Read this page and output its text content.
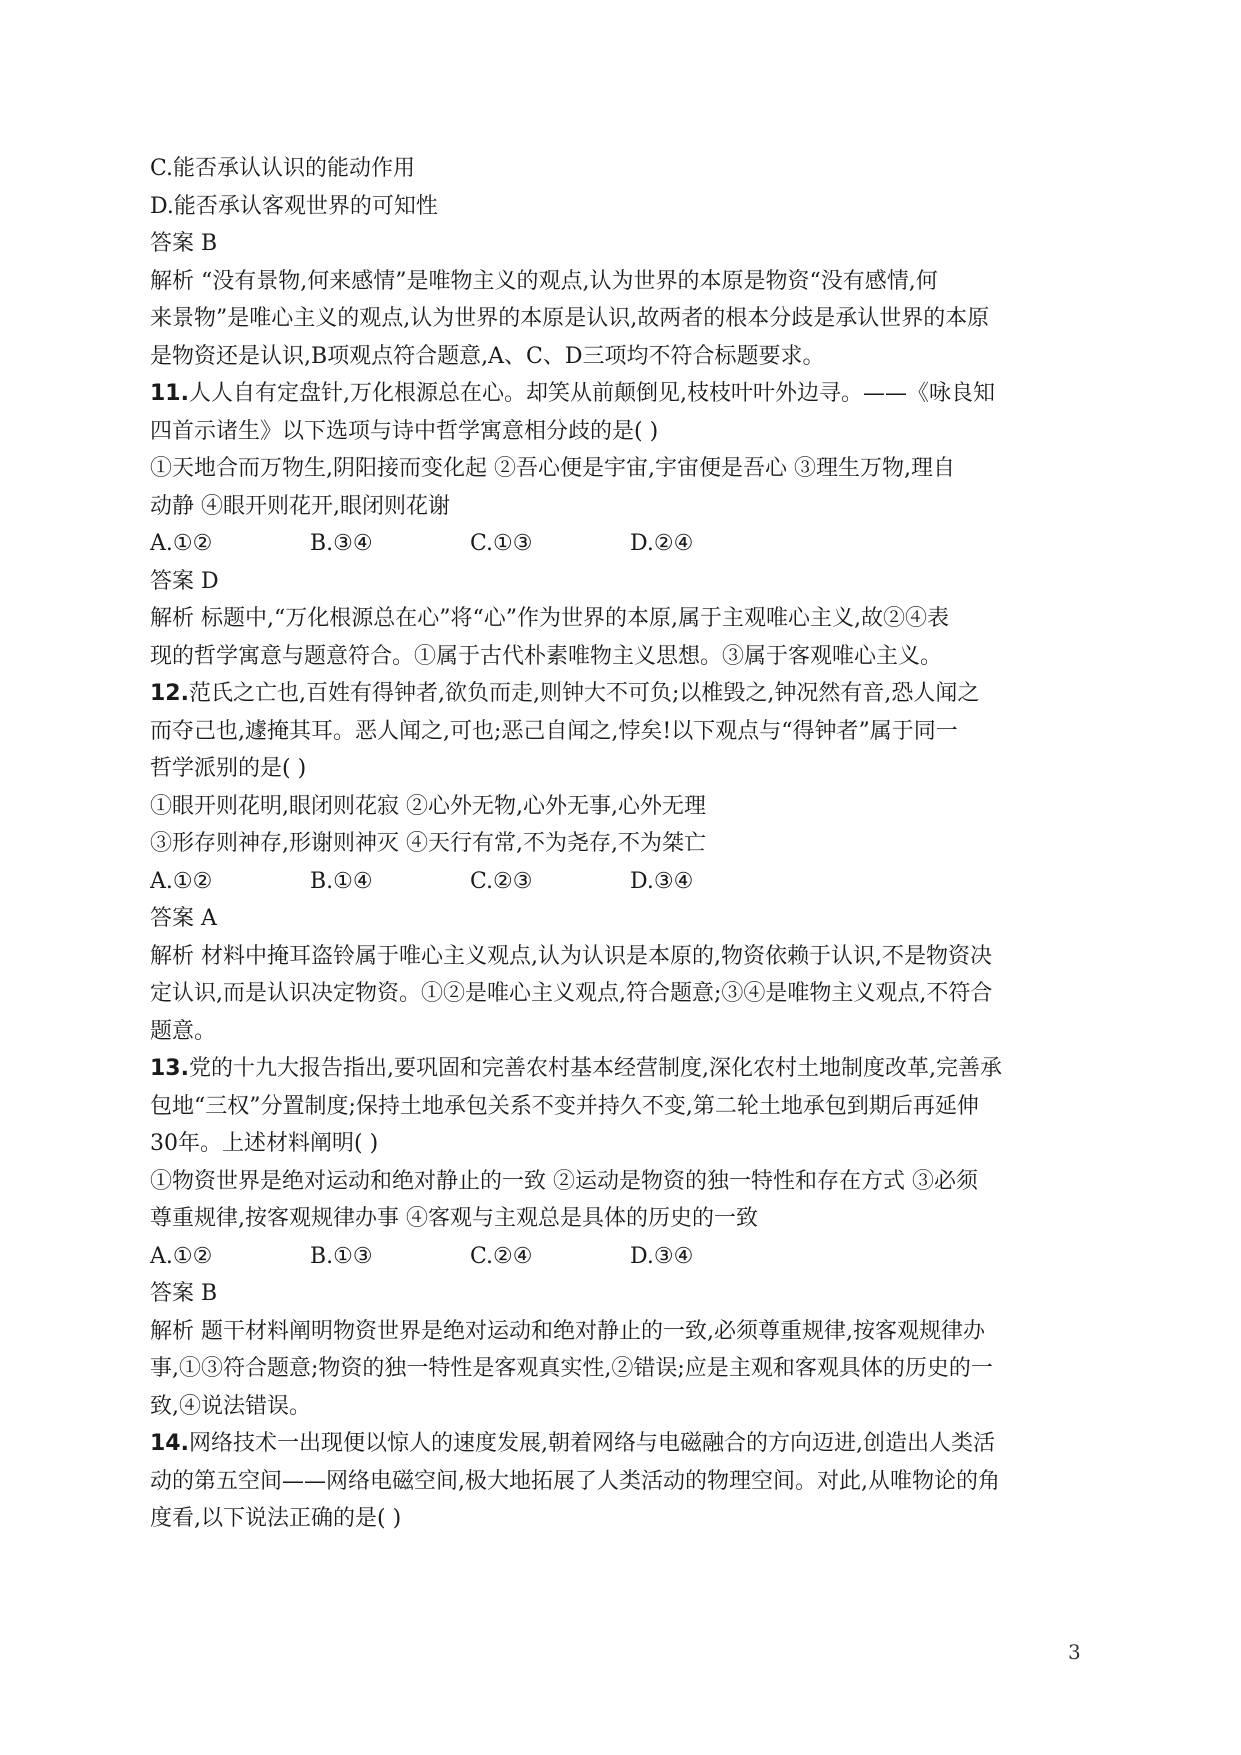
C.能否承认认识的能动作用
D.能否承认客观世界的可知性
答案 B
解析 “没有景物,何来感情”是唯物主义的观点,认为世界的本原是物资“没有感情,何
来景物”是唯心主义的观点,认为世界的本原是认识,故两者的根本分歧是承认世界的本原
是物资还是认识,B项观点符合题意,A、C、D三项均不符合标题要求。
11.人人自有定盘针,万化根源总在心。却笑从前颠倒见,枝枝叶叶外边寻。——《咏良知
四首示诸生》以下选项与诗中哲学寓意相分歧的是( )
①天地合而万物生,阴阳接而变化起 ②吾心便是宇宙,宇宙便是吾心 ③理生万物,理自
动静 ④眼开则花开,眼闭则花谢
A.①②	B.③④	C.①③	D.②④
答案 D
解析 标题中,“万化根源总在心”将“心”作为世界的本原,属于主观唯心主义,故②④表
现的哲学寓意与题意符合。①属于古代朴素唯物主义思想。③属于客观唯心主义。
12.范氏之亡也,百姓有得钟者,欲负而走,则钟大不可负;以椎毁之,钟况然有音,恐人闻之
而夺己也,遽掩其耳。恶人闻之,可也;恶己自闻之,悖矣!以下观点与“得钟者”属于同一
哲学派别的是( )
①眼开则花明,眼闭则花寂 ②心外无物,心外无事,心外无理
③形存则神存,形谢则神灭 ④天行有常,不为尧存,不为桀亡
A.①②	B.①④	C.②③	D.③④
答案 A
解析 材料中掩耳盗铃属于唯心主义观点,认为认识是本原的,物资依赖于认识,不是物资决
定认识,而是认识决定物资。①②是唯心主义观点,符合题意;③④是唯物主义观点,不符合
题意。
13.党的十九大报告指出,要巩固和完善农村基本经营制度,深化农村土地制度改革,完善承
包地“三权”分置制度;保持土地承包关系不变并持久不变,第二轮土地承包到期后再延伸
30年。上述材料阐明( )
①物资世界是绝对运动和绝对静止的一致 ②运动是物资的独一特性和存在方式 ③必须
尊重规律,按客观规律办事 ④客观与主观总是具体的历史的一致
A.①②	B.①③	C.②④	D.③④
答案 B
解析 题干材料阐明物资世界是绝对运动和绝对静止的一致,必须尊重规律,按客观规律办
事,①③符合题意;物资的独一特性是客观真实性,②错误;应是主观和客观具体的历史的一
致,④说法错误。
14.网络技术一出现便以惊人的速度发展,朝着网络与电磁融合的方向迈进,创造出人类活
动的第五空间——网络电磁空间,极大地拓展了人类活动的物理空间。对此,从唯物论的角
度看,以下说法正确的是( )
3
